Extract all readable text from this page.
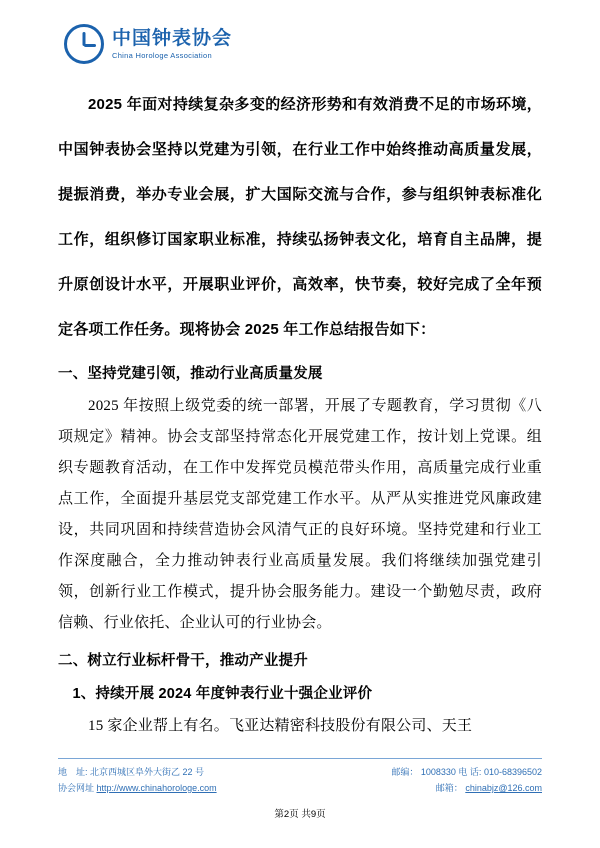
中国钟表协会
China Horologe Association

2025 年面对持续复杂多变的经济形势和有效消费不足的市场环境，中国钟表协会坚持以党建为引领，在行业工作中始终推动高质量发展，提振消费，举办专业会展，扩大国际交流与合作，参与组织钟表标准化工作，组织修订国家职业标准，持续弘扬钟表文化，培育自主品牌，提升原创设计水平，开展职业评价，高效率，快节奏，较好完成了全年预定各项工作任务。现将协会 2025 年工作总结报告如下：

一、坚持党建引领，推动行业高质量发展

2025 年按照上级党委的统一部署，开展了专题教育，学习贯彻《八项规定》精神。协会支部坚持常态化开展党建工作，按计划上党课。组织专题教育活动，在工作中发挥党员模范带头作用，高质量完成行业重点工作，全面提升基层党支部党建工作水平。从严从实推进党风廉政建设，共同巩固和持续营造协会风清气正的良好环境。坚持党建和行业工作深度融合，全力推动钟表行业高质量发展。我们将继续加强党建引领，创新行业工作模式，提升协会服务能力。建设一个勤勉尽责，政府信赖、行业依托、企业认可的行业协会。

二、树立行业标杆骨干，推动产业提升

1、持续开展 2024 年度钟表行业十强企业评价

15 家企业帮上有名。飞亚达精密科技股份有限公司、天王

地　址: 北京西城区阜外大街乙 22 号	邮编： 1008330 电 话: 010-68396502
协会网址 http://www.chinahorologe.com	邮箱： chinabjz@126.com
第2页 共9页
